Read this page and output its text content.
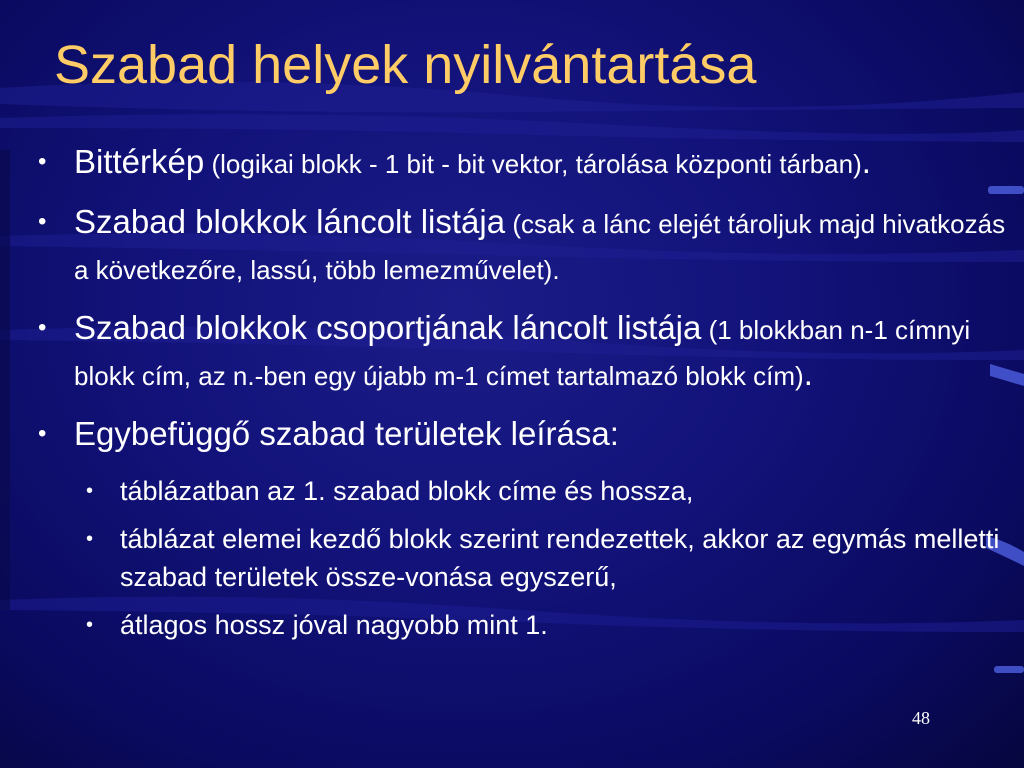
Szabad helyek nyilvántartása
• Bittérkép (logikai blokk - 1 bit - bit vektor, tárolása központi tárban).
• Szabad blokkok láncolt listája (csak a lánc elejét tároljuk majd hivatkozás a következőre, lassú, több lemezművelet).
• Szabad blokkok csoportjának láncolt listája (1 blokkban n-1 címnyi blokk cím, az n.-ben egy újabb m-1 címet tartalmazó blokk cím).
• Egybefüggő szabad területek leírása:
• táblázatban az 1. szabad blokk címe és hossza,
• táblázat elemei kezdő blokk szerint rendezettek, akkor az egymás melletti szabad területek össze-vonása egyszerű,
• átlagos hossz jóval nagyobb mint 1.
48
